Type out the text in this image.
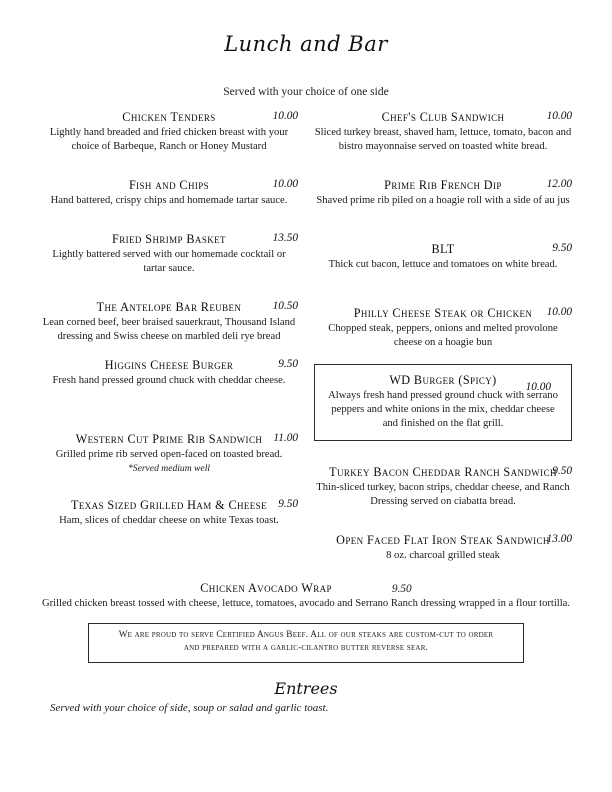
Lunch and Bar
Served with your choice of one side
Chicken Tenders	10.00
Lightly hand breaded and fried chicken breast with your choice of Barbeque, Ranch or Honey Mustard
Fish and Chips	10.00
Hand battered, crispy chips and homemade tartar sauce.
Fried Shrimp Basket	13.50
Lightly battered served with our homemade cocktail or tartar sauce.
The Antelope Bar Reuben	10.50
Lean corned beef, beer braised sauerkraut, Thousand Island dressing and Swiss cheese on marbled deli rye bread
Higgins Cheese Burger	9.50
Fresh hand pressed ground chuck with cheddar cheese.
Western Cut Prime Rib Sandwich 11.00
Grilled prime rib served open-faced on toasted bread.
*Served medium well
Texas Sized Grilled Ham & Cheese 9.50
Ham, slices of cheddar cheese on white Texas toast.
Chef's Club Sandwich	10.00
Sliced turkey breast, shaved ham, lettuce, tomato, bacon and bistro mayonnaise served on toasted white bread.
Prime Rib French Dip	12.00
Shaved prime rib piled on a hoagie roll with a side of au jus
BLT	9.50
Thick cut bacon, lettuce and tomatoes on white bread.
Philly Cheese Steak or Chicken 10.00
Chopped steak, peppers, onions and melted provolone cheese on a hoagie bun
WD Burger (Spicy)	10.00
Always fresh hand pressed ground chuck with serrano peppers and white onions in the mix, cheddar cheese and finished on the flat grill.
Turkey Bacon Cheddar Ranch Sandwich
9.50
Thin-sliced turkey, bacon strips, cheddar cheese, and Ranch Dressing served on ciabatta bread.
Open Faced Flat Iron Steak Sandwich
13.00
8 oz. charcoal grilled steak
Chicken Avocado Wrap	9.50
Grilled chicken breast tossed with cheese, lettuce, tomatoes, avocado and Serrano Ranch dressing wrapped in a flour tortilla.
We are proud to serve Certified Angus Beef. All of our steaks are custom-cut to order
and prepared with a garlic-cilantro butter reverse sear.
Entrees
Served with your choice of side, soup or salad and garlic toast.
